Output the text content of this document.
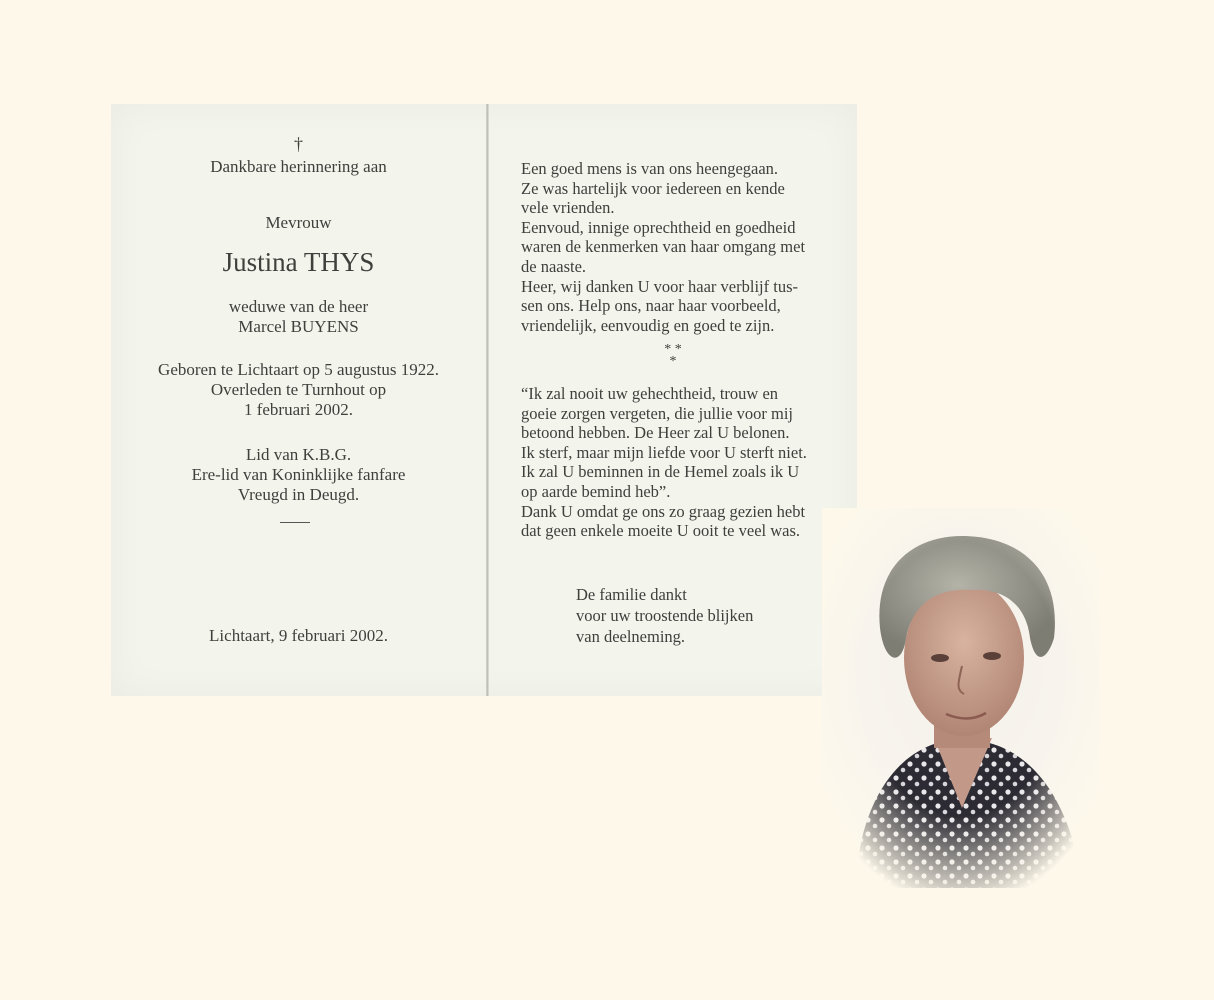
†
Dankbare herinnering aan
Mevrouw
Justina THYS
weduwe van de heer
Marcel BUYENS
Geboren te Lichtaart op 5 augustus 1922.
Overleden te Turnhout op
1 februari 2002.
Lid van K.B.G.
Ere-lid van Koninklijke fanfare
Vreugd in Deugd.
Lichtaart, 9 februari 2002.
Een goed mens is van ons heengegaan.
Ze was hartelijk voor iedereen en kende
vele vrienden.
Eenvoud, innige oprechtheid en goedheid
waren de kenmerken van haar omgang met
de naaste.
Heer, wij danken U voor haar verblijf tus-
sen ons. Help ons, naar haar voorbeeld,
vriendelijk, eenvoudig en goed te zijn.
* *
*
“Ik zal nooit uw gehechtheid, trouw en
goeie zorgen vergeten, die jullie voor mij
betoond hebben. De Heer zal U belonen.
Ik sterf, maar mijn liefde voor U sterft niet.
Ik zal U beminnen in de Hemel zoals ik U
op aarde bemind heb”.
Dank U omdat ge ons zo graag gezien hebt
dat geen enkele moeite U ooit te veel was.
De familie dankt
voor uw troostende blijken
van deelneming.
